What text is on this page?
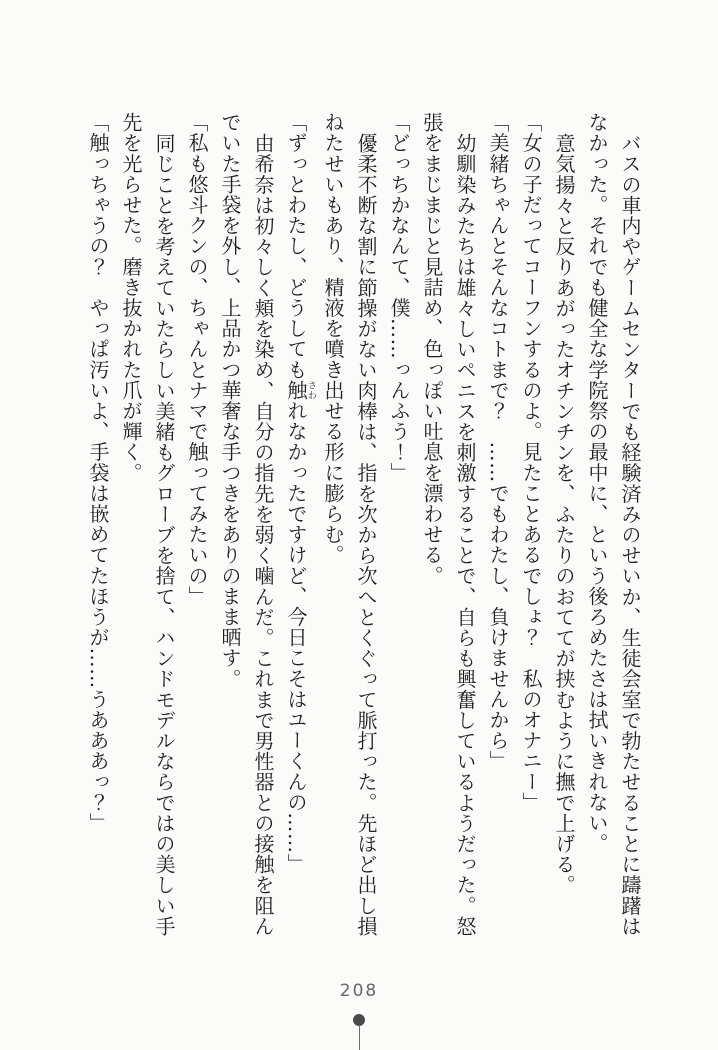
バスの車内やゲームセンターでも経験済みのせいか、生徒会室で勃たせることに躊躇は

なかった。それでも健全な学院祭の最中に、という後ろめたさは拭いきれない。

意気揚々と反りあがったオチンチンを、ふたりのおててが挟むように撫で上げる。

「女の子だってコーフンするのよ。見たことあるでしょ？　私のオナニー」

「美緒ちゃんとそんなコトまで？　……でもわたし、負けませんから」

幼馴染みたちは雄々しいペニスを刺激することで、自らも興奮しているようだった。怒

張をまじまじと見詰め、色っぽい吐息を漂わせる。

「どっちかなんて、僕……っんふう！」

優柔不断な割に節操がない肉棒は、指を次から次へとくぐって脈打った。先ほど出し損

ねたせいもあり、精液を噴き出せる形に膨らむ。

「ずっとわたし、どうしても触さわれなかったですけど、今日こそはユーくんの……」

由希奈は初々しく頬を染め、自分の指先を弱く噛んだ。これまで男性器との接触を阻ん

でいた手袋を外し、上品かつ華奢な手つきをありのまま晒す。

「私も悠斗クンの、ちゃんとナマで触ってみたいの」

同じことを考えていたらしい美緒もグローブを捨て、ハンドモデルならではの美しい手

先を光らせた。磨き抜かれた爪が輝く。

「触っちゃうの？　やっぱ汚いよ、手袋は嵌めてたほうが……うあああっ？」

208
